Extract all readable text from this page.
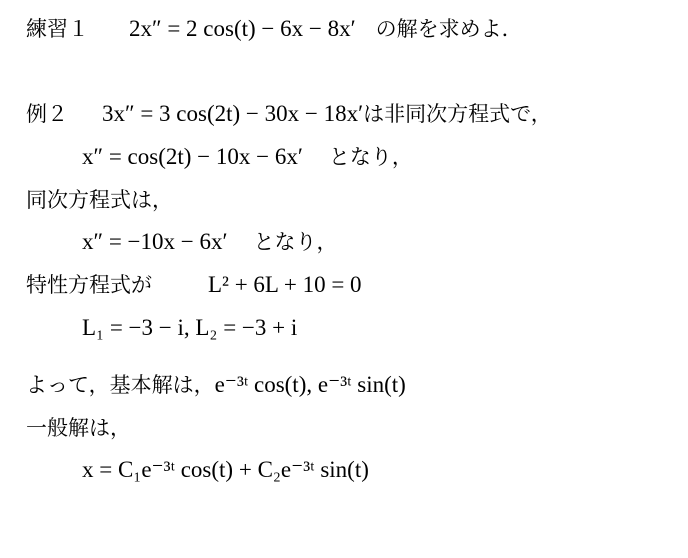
練習１ 2x″ = 2 cos(t) − 6x − 8x′ の解を求めよ．
例２ 3x″ = 3 cos(2t) − 30x − 18x′は非同次方程式で，
x″ = cos(2t) − 10x − 6x′ となり，
同次方程式は，
x″ = −10x − 6x′ となり，
特性方程式が L² + 6L + 10 = 0
L₁ = −3 − i, L₂ = −3 + i
よって，基本解は，e⁻³ᵗ cos(t), e⁻³ᵗ sin(t)
一般解は，
x = C₁e⁻³ᵗ cos(t) + C₂e⁻³ᵗ sin(t)
